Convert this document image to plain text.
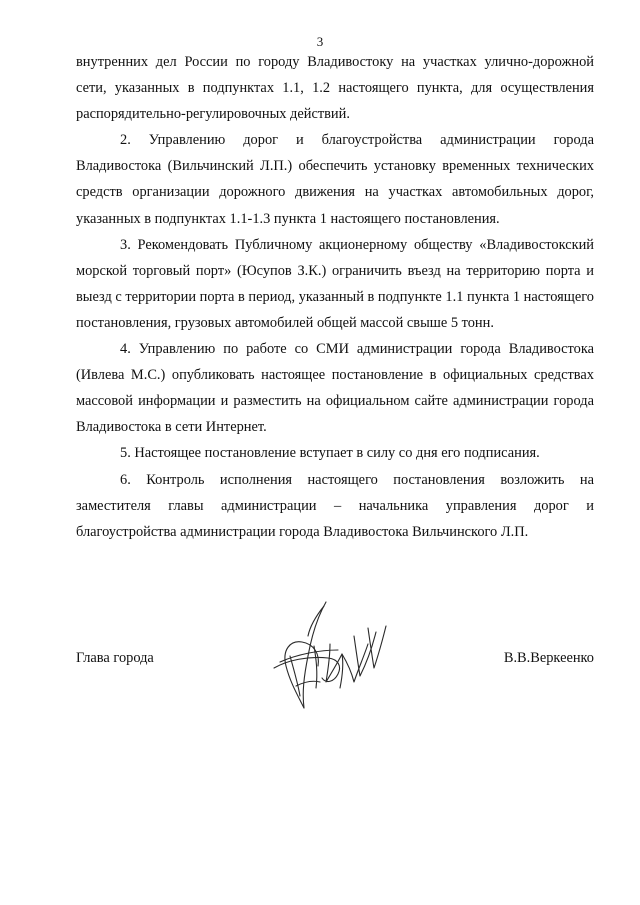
3

внутренних дел России по городу Владивостоку на участках улично-дорожной сети, указанных в подпунктах 1.1, 1.2 настоящего пункта, для осуществления распорядительно-регулировочных действий.

2. Управлению дорог и благоустройства администрации города Владивостока (Вильчинский Л.П.) обеспечить установку временных технических средств организации дорожного движения на участках автомобильных дорог, указанных в подпунктах 1.1-1.3 пункта 1 настоящего постановления.

3. Рекомендовать Публичному акционерному обществу «Владивостокский морской торговый порт» (Юсупов З.К.) ограничить въезд на территорию порта и выезд с территории порта в период, указанный в подпункте 1.1 пункта 1 настоящего постановления, грузовых автомобилей общей массой свыше 5 тонн.

4. Управлению по работе со СМИ администрации города Владивостока (Ивлева М.С.) опубликовать настоящее постановление в официальных средствах массовой информации и разместить на официальном сайте администрации города Владивостока в сети Интернет.

5. Настоящее постановление вступает в силу со дня его подписания.

6. Контроль исполнения настоящего постановления возложить на заместителя главы администрации – начальника управления дорог и благоустройства администрации города Владивостока Вильчинского Л.П.

Глава города	В.В.Веркеенко
